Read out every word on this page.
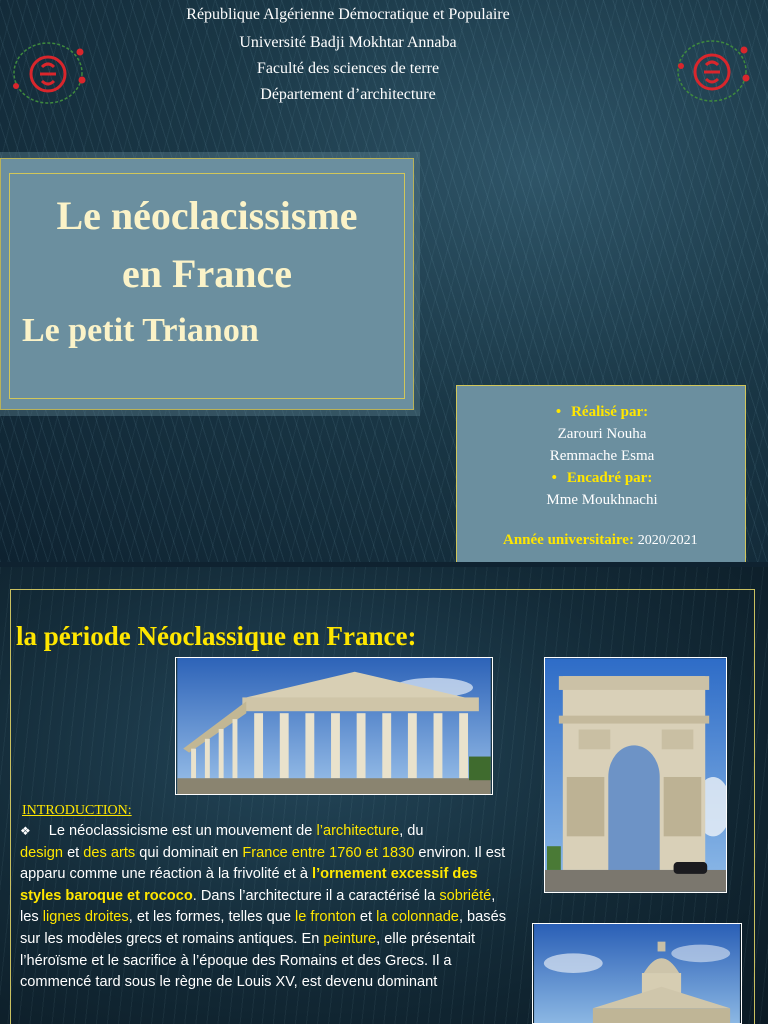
République Algérienne Démocratique et Populaire
Université Badji Mokhtar Annaba
Faculté des sciences de terre
Département d’architecture
Le néoclacissisme
en France
Le petit Trianon
• Réalisé par:
Zarouri Nouha
Remmache Esma
• Encadré par:
Mme Moukhnachi
Année universitaire: 2020/2021
la période Néoclassique en France:
INTRODUCTION:
❖ Le néoclassicisme est un mouvement de l’architecture, du
design et des arts qui dominait en France entre 1760 et 1830 environ. Il est apparu comme une réaction à la frivolité et à l’ornement excessif des styles baroque et rococo. Dans l’architecture il a caractérisé la sobriété, les lignes droites, et les formes, telles que le fronton et la colonnade, basés sur les modèles grecs et romains antiques. En peinture, elle présentait l’héroïsme et le sacrifice à l’époque des Romains et des Grecs. Il a commencé tard sous le règne de Louis XV, est devenu dominant
